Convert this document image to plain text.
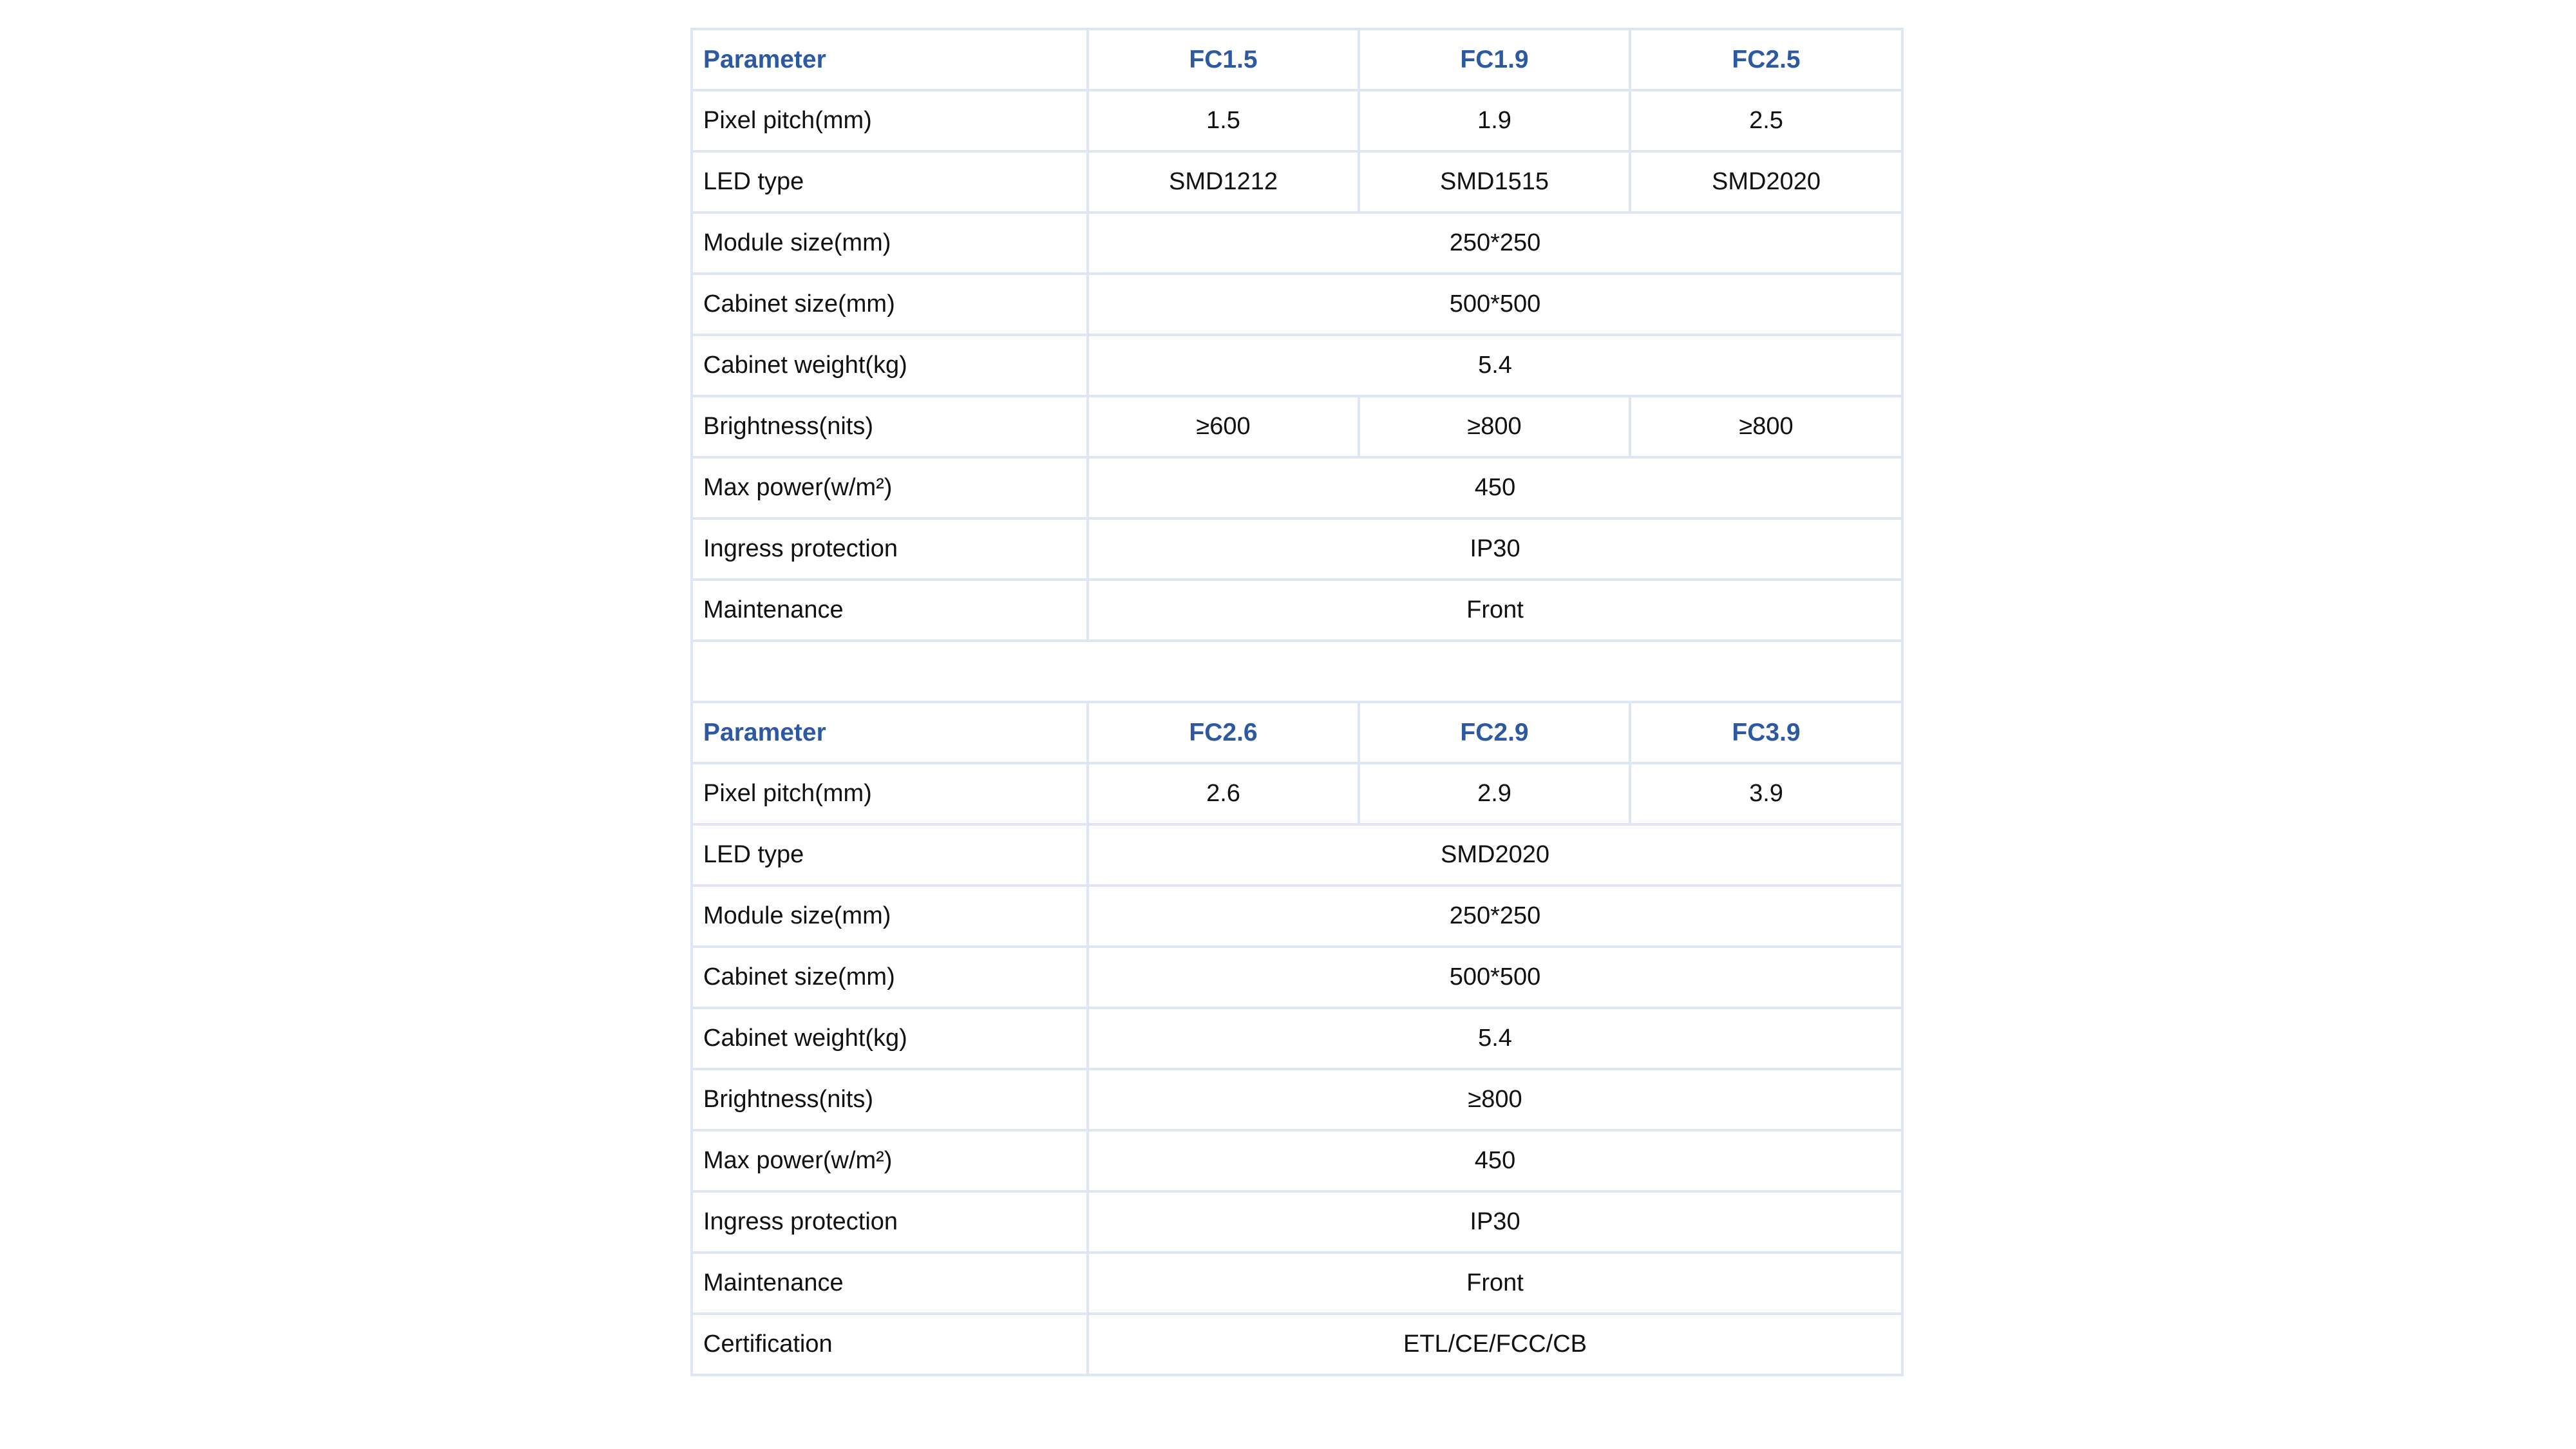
Parameter	FC1.5	FC1.9	FC2.5
Pixel pitch(mm)	1.5	1.9	2.5
LED type	SMD1212	SMD1515	SMD2020
Module size(mm)	250*250		
Cabinet size(mm)	500*500		
Cabinet weight(kg)	5.4		
Brightness(nits)	≥600	≥800	≥800
Max power(w/m²)	450		
Ingress protection	IP30		
Maintenance	Front		

Parameter	FC2.6	FC2.9	FC3.9
Pixel pitch(mm)	2.6	2.9	3.9
LED type	SMD2020		
Module size(mm)	250*250		
Cabinet size(mm)	500*500		
Cabinet weight(kg)	5.4		
Brightness(nits)	≥800		
Max power(w/m²)	450		
Ingress protection	IP30		
Maintenance	Front		
Certification	ETL/CE/FCC/CB		
